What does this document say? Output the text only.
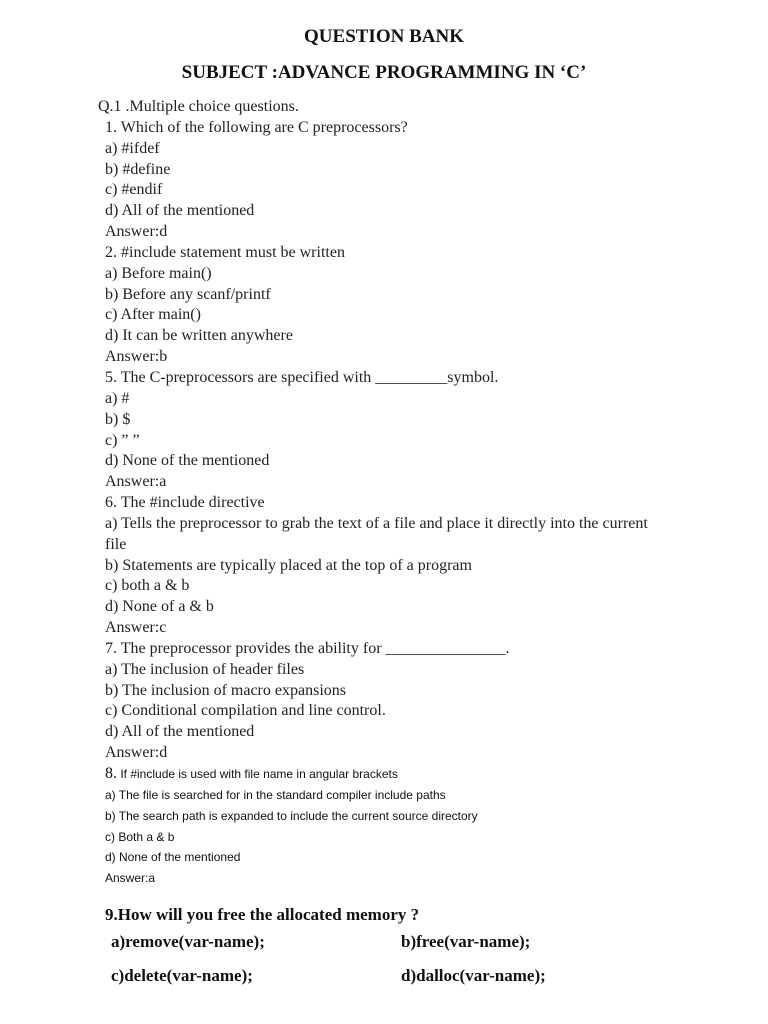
QUESTION BANK
SUBJECT :ADVANCE PROGRAMMING IN ‘C’
Q.1 .Multiple choice questions.
1. Which of the following are C preprocessors?
a) #ifdef
b) #define
c) #endif
d) All of the mentioned
Answer:d
2. #include statement must be written
a) Before main()
b) Before any scanf/printf
c) After main()
d) It can be written anywhere
Answer:b
5. The C-preprocessors are specified with _________symbol.
a) #
b) $
c) ” ”
d) None of the mentioned
Answer:a
6. The #include directive
a) Tells the preprocessor to grab the text of a file and place it directly into the current file
b) Statements are typically placed at the top of a program
c) both a & b
d) None of a & b
Answer:c
7. The preprocessor provides the ability for _______________.
a) The inclusion of header files
b) The inclusion of macro expansions
c) Conditional compilation and line control.
d) All of the mentioned
Answer:d
8. If #include is used with file name in angular brackets
a) The file is searched for in the standard compiler include paths
b) The search path is expanded to include the current source directory
c) Both a & b
d) None of the mentioned
Answer:a
9.How will you free the allocated memory ?
a)remove(var-name);	b)free(var-name);
c)delete(var-name);	d)dalloc(var-name);
